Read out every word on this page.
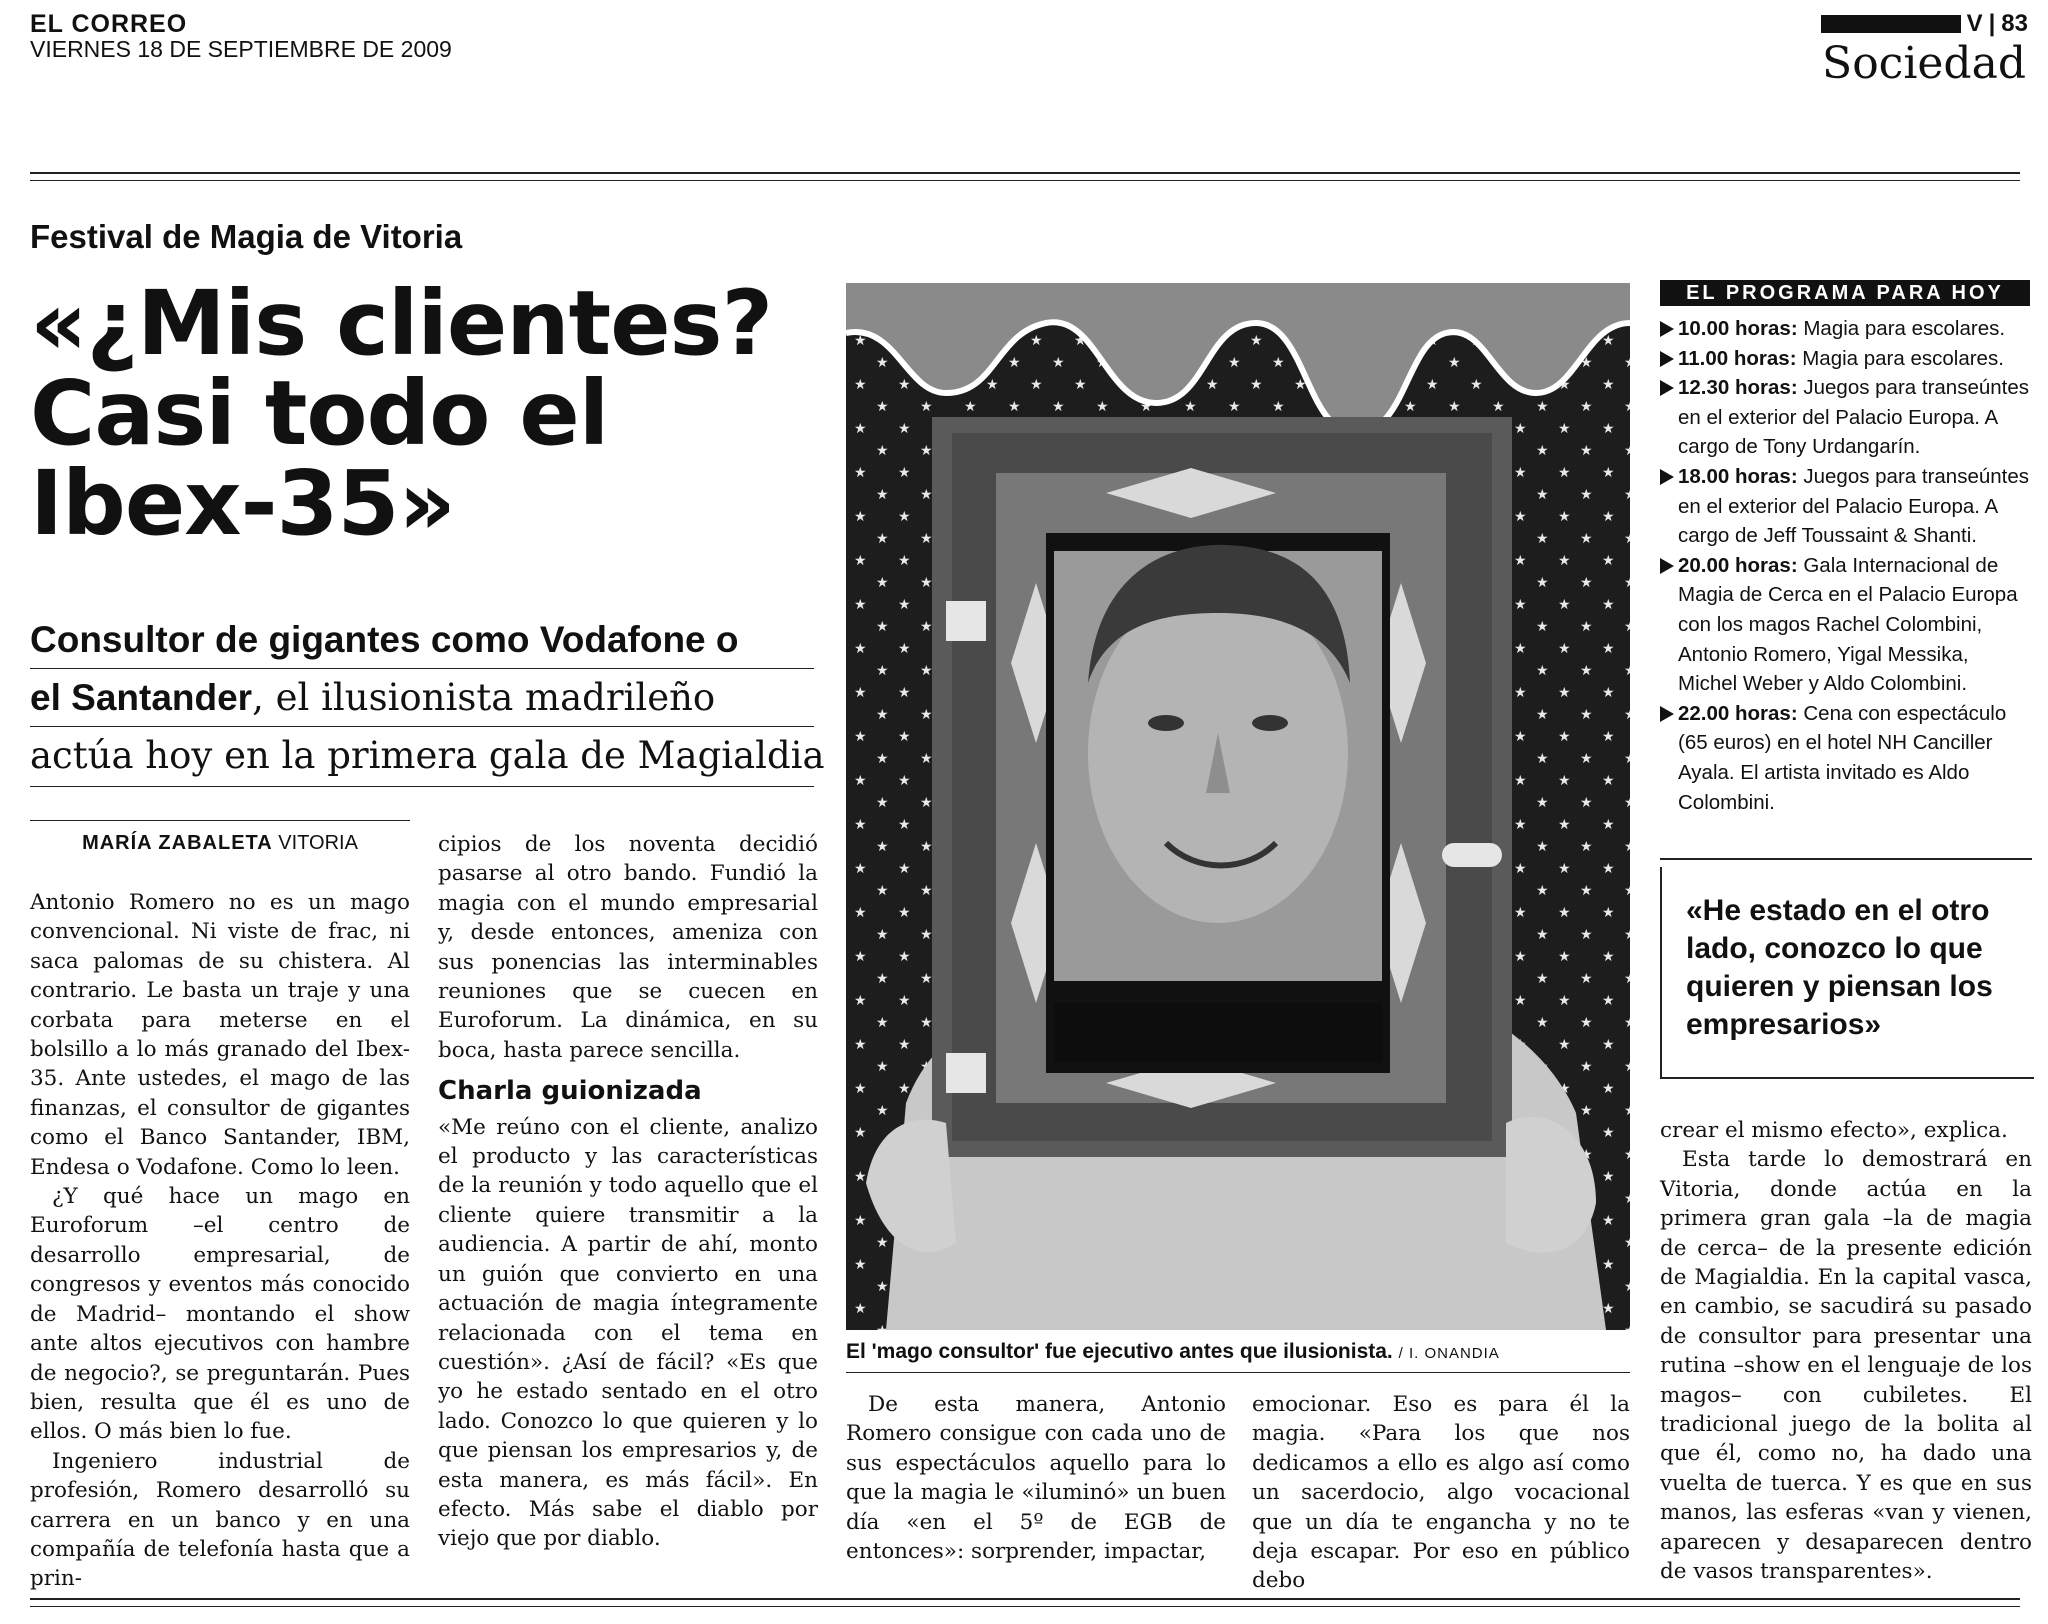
EL CORREO
VIERNES 18 DE SEPTIEMBRE DE 2009
V | 83
Sociedad
Festival de Magia de Vitoria
«¿Mis clientes? Casi todo el Ibex-35»
Consultor de gigantes como Vodafone o
el Santander, el ilusionista madrileño
actúa hoy en la primera gala de Magialdia
MARÍA ZABALETA VITORIA

Antonio Romero no es un mago convencional. Ni viste de frac, ni saca palomas de su chistera. Al contrario. Le basta un traje y una corbata para meterse en el bolsillo a lo más granado del Ibex-35. Ante ustedes, el mago de las finanzas, el consultor de gigantes como el Banco Santander, IBM, Endesa o Vodafone. Como lo leen.

¿Y qué hace un mago en Euroforum –el centro de desarrollo empresarial, de congresos y eventos más conocido de Madrid– montando el show ante altos ejecutivos con hambre de negocio?, se preguntarán. Pues bien, resulta que él es uno de ellos. O más bien lo fue.

Ingeniero industrial de profesión, Romero desarrolló su carrera en un banco y en una compañía de telefonía hasta que a prin-

cipios de los noventa decidió pasarse al otro bando. Fundió la magia con el mundo empresarial y, desde entonces, ameniza con sus ponencias las interminables reuniones que se cuecen en Euroforum. La dinámica, en su boca, hasta parece sencilla.

Charla guionizada

«Me reúno con el cliente, analizo el producto y las características de la reunión y todo aquello que el cliente quiere transmitir a la audiencia. A partir de ahí, monto un guión que convierto en una actuación de magia íntegramente relacionada con el tema en cuestión». ¿Así de fácil? «Es que yo he estado sentado en el otro lado. Conozco lo que quieren y lo que piensan los empresarios y, de esta manera, es más fácil». En efecto. Más sabe el diablo por viejo que por diablo.

El 'mago consultor' fue ejecutivo antes que ilusionista. / I. ONANDIA

De esta manera, Antonio Romero consigue con cada uno de sus espectáculos aquello para lo que la magia le «iluminó» un buen día «en el 5º de EGB de entonces»: sorprender, impactar,

emocionar. Eso es para él la magia. «Para los que nos dedicamos a ello es algo así como un sacerdocio, algo vocacional que un día te engancha y no te deja escapar. Por eso en público debo

EL PROGRAMA PARA HOY
10.00 horas: Magia para escolares.
11.00 horas: Magia para escolares.
12.30 horas: Juegos para transeúntes en el exterior del Palacio Europa. A cargo de Tony Urdangarín.
18.00 horas: Juegos para transeúntes en el exterior del Palacio Europa. A cargo de Jeff Toussaint & Shanti.
20.00 horas: Gala Internacional de Magia de Cerca en el Palacio Europa con los magos Rachel Colombini, Antonio Romero, Yigal Messika, Michel Weber y Aldo Colombini.
22.00 horas: Cena con espectáculo (65 euros) en el hotel NH Canciller Ayala. El artista invitado es Aldo Colombini.
«He estado en el otro lado, conozco lo que quieren y piensan los empresarios»

crear el mismo efecto», explica.

Esta tarde lo demostrará en Vitoria, donde actúa en la primera gran gala –la de magia de cerca– de la presente edición de Magialdia. En la capital vasca, en cambio, se sacudirá su pasado de consultor para presentar una rutina –show en el lenguaje de los magos– con cubiletes. El tradicional juego de la bolita al que él, como no, ha dado una vuelta de tuerca. Y es que en sus manos, las esferas «van y vienen, aparecen y desaparecen dentro de vasos transparentes».
